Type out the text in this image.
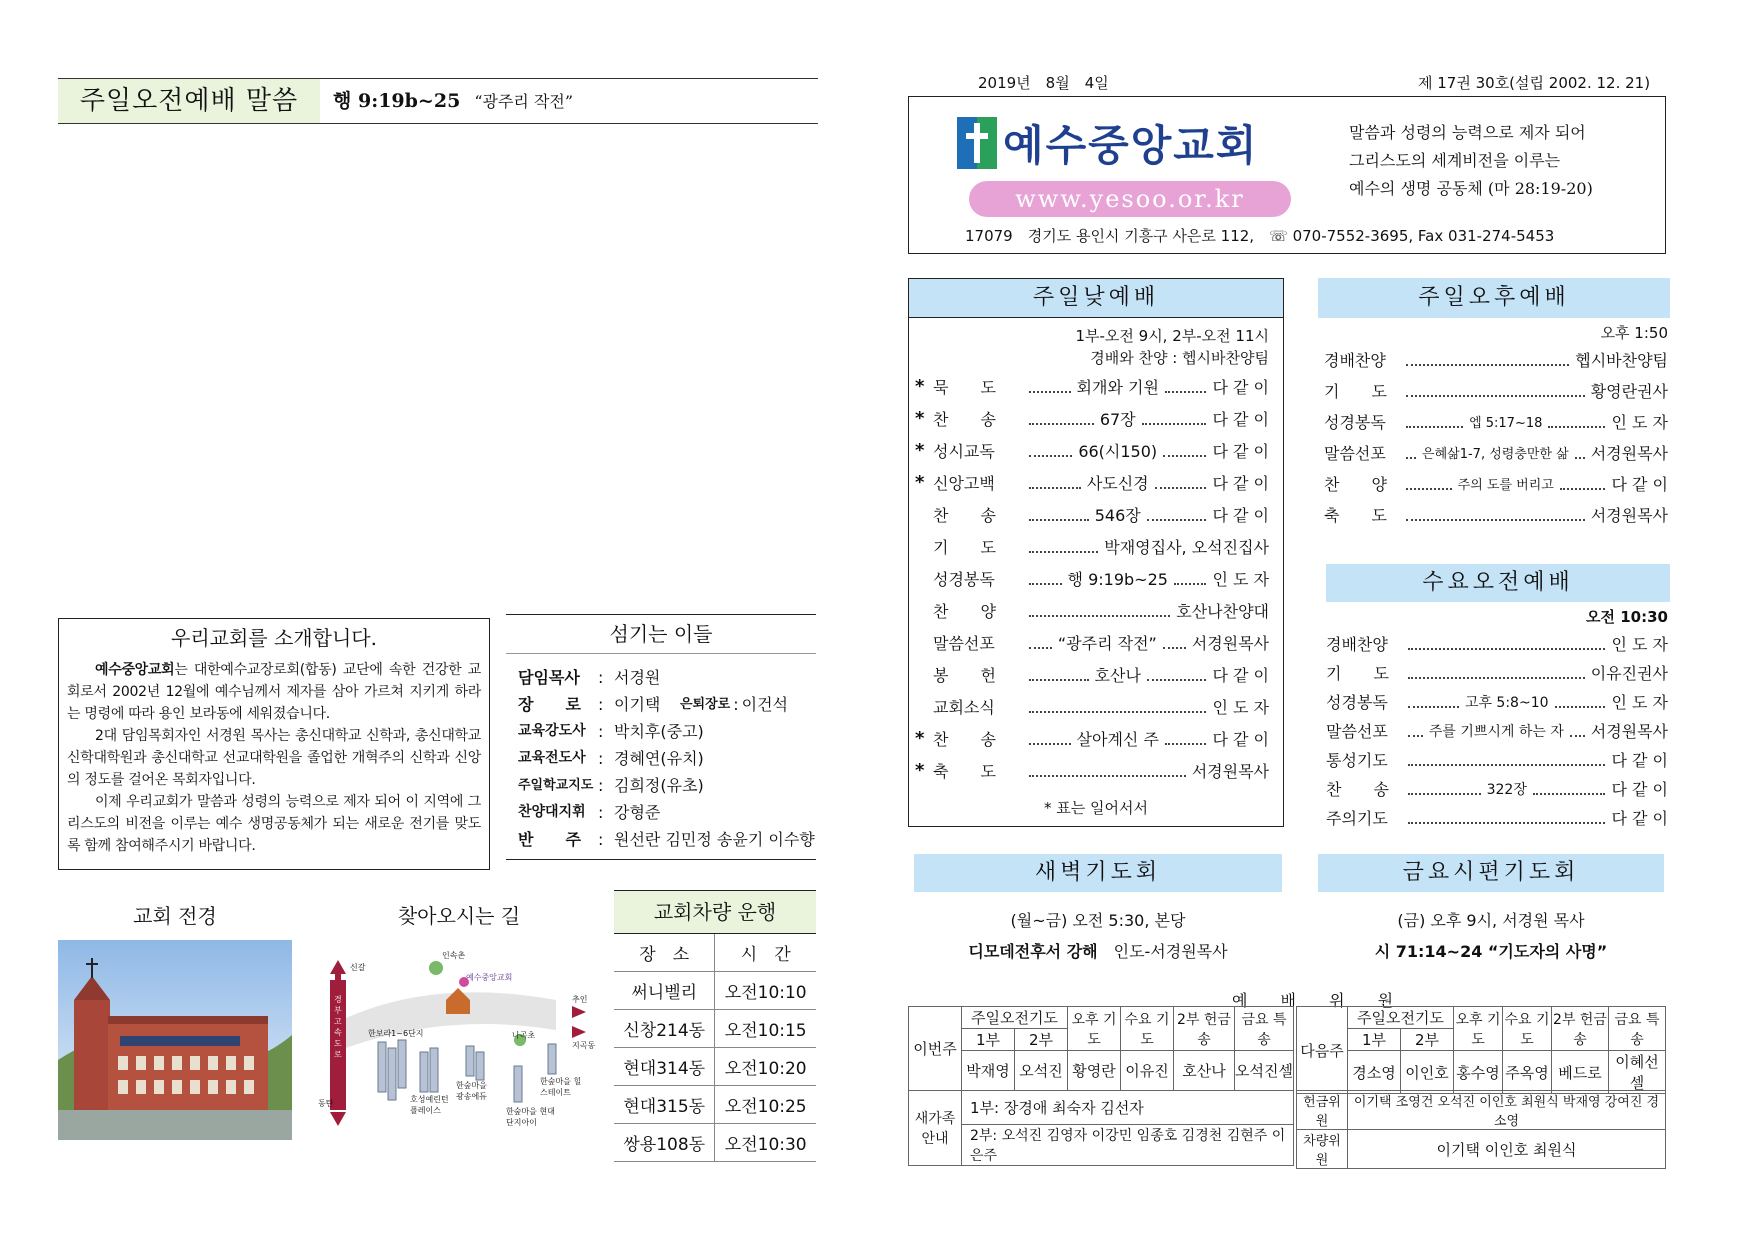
주일오전예배 말씀	행 9:19b~25 “광주리 작전”
우리교회를 소개합니다.

예수중앙교회는 대한예수교장로회(합동) 교단에 속한 건강한 교회로서 2002년 12월에 예수님께서 제자를 삼아 가르쳐 지키게 하라는 명령에 따라 용인 보라동에 세워졌습니다.

2대 담임목회자인 서경원 목사는 총신대학교 신학과, 총신대학교 신학대학원과 총신대학교 선교대학원을 졸업한 개혁주의 신학과 신앙의 정도를 걸어온 목회자입니다.

이제 우리교회가 말씀과 성령의 능력으로 제자 되어 이 지역에 그리스도의 비전을 이루는 예수 생명공동체가 되는 새로운 전기를 맞도록 함께 참여해주시기 바랍니다.

섬기는 이들
담임목사	: 서경원
장　　로	: 이기택	은퇴장로 : 이건석
교육강도사 : 박치후(중고)
교육전도사 : 경혜연(유치)
주일학교지도 : 김희정(유초)
찬양대지휘 : 강형준
반　　주	: 원선란 김민정 송윤기 이수향
교회 전경	찾아오시는 길
경부고속도로
신갈
동탄
인속촌
예수중앙교회
추인
지곡동
한보라1~6단지
호성예린턴 플레이스
한숲마을 광송에듀
나곡초
한숲마을 힐스테이트
한숲마을 현대단지아이
교회차량 운행
장　소	시　간
써니벨리	오전10:10
신창214동	오전10:15
현대314동	오전10:20
현대315동	오전10:25
쌍용108동	오전10:30
2019년　8월　4일	제 17권 30호(설립 2002. 12. 21)
예수중앙교회
www.yesoo.or.kr
말씀과 성령의 능력으로 제자 되어
그리스도의 세계비전을 이루는
예수의 생명 공동체 (마 28:19-20)
17079　경기도 용인시 기흥구 사은로 112,　☏ 070-7552-3695, Fax 031-274-5453
주일낮예배
1부-오전 9시, 2부-오전 11시
경배와 찬양 : 헵시바찬양팀
* 묵　　도	회개와 기원	다 같 이
* 찬　　송	67장	다 같 이
* 성시교독	66(시150)	다 같 이
* 신앙고백	사도신경	다 같 이
찬　　송	546장	다 같 이
기　　도	박재영집사, 오석진집사
성경봉독	행 9:19b~25	인 도 자
찬　　양	호산나찬양대
말씀선포	“광주리 작전” 서경원목사
봉　　헌	호산나	다 같 이
교회소식	인 도 자
* 찬　　송	살아계신 주	다 같 이
* 축　　도	서경원목사
* 표는 일어서서
주일오후예배
오후 1:50
경배찬양	헵시바찬양팀
기　　도	황영란권사
성경봉독	엡 5:17~18	인 도 자
말씀선포	은혜삶1-7, 성령충만한 삶 서경원목사
찬　　양	주의 도를 버리고	다 같 이
축　　도	서경원목사
수요오전예배
오전 10:30
경배찬양	인 도 자
기　　도	이유진권사
성경봉독	고후 5:8~10	인 도 자
말씀선포	주를 기쁘시게 하는 자 서경원목사
통성기도	다 같 이
찬　　송	322장	다 같 이
주의기도	다 같 이
새벽기도회
(월~금) 오전 5:30, 본당
디모데전후서 강해　 인도-서경원목사
금요시편기도회
(금) 오후 9시, 서경원 목사
시 71:14~24 “기도자의 사명”
예 배 위 원
이번주	주일오전기도		오후 기도	수요 기도	2부 헌금송	금요 특송
	1부	2부				
	박재영	오석진	황영란	이유진	호산나	오석진셀
다음주	주일오전기도		오후 기도	수요 기도	2부 헌금송	금요 특송
	1부	2부				
	경소영	이인호	홍수영	주옥영	베드로	이혜선셀
새가족 안내	1부: 장경애 최숙자 김선자
2부: 오석진 김영자 이강민 임종호 김경천 김현주 이은주
헌금위원	이기택 조영건 오석진 이인호 최원식 박재영 강여진 경소영
차량위원	이기택 이인호 최원식
